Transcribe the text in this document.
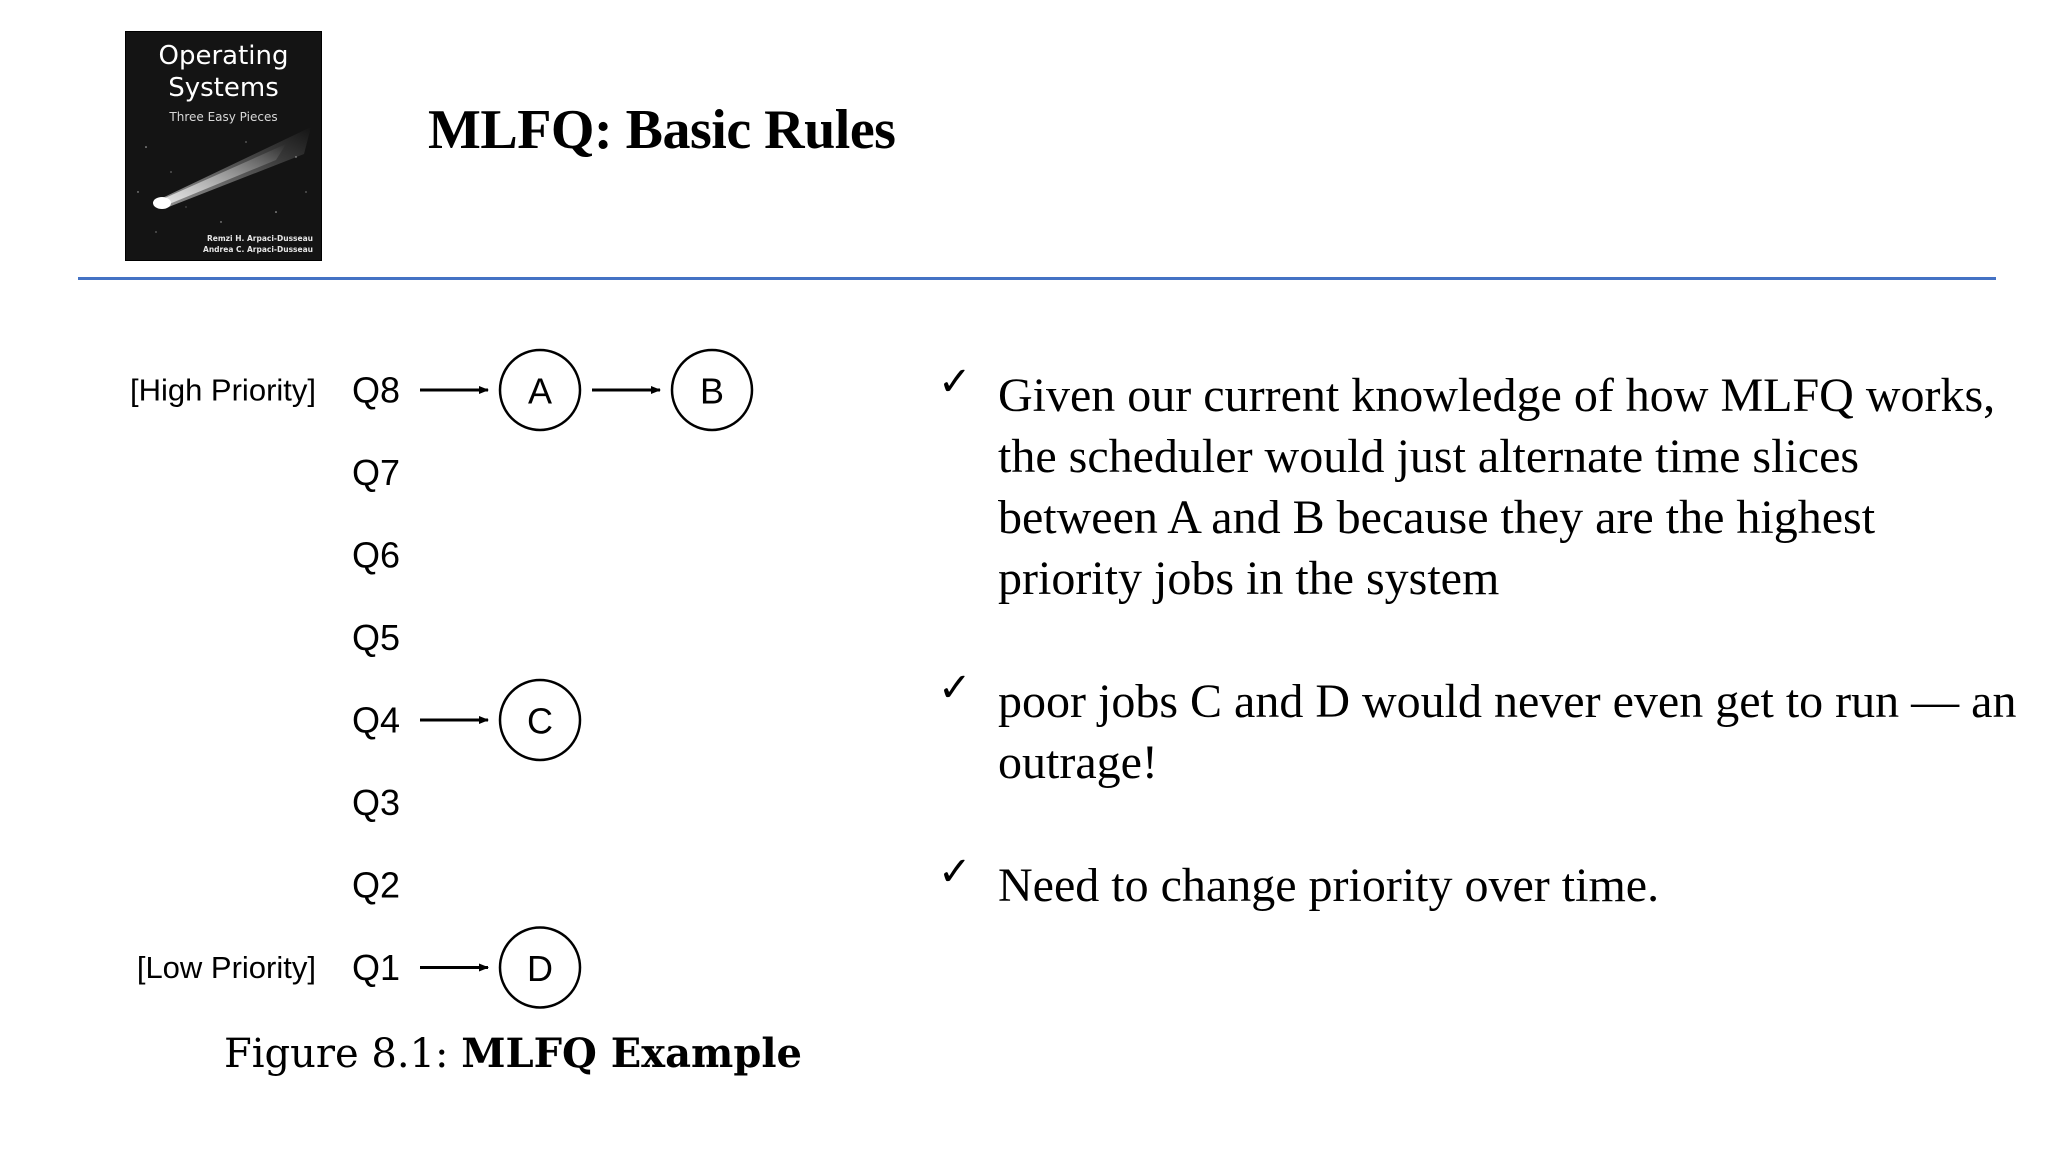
Operating
Systems
Three Easy Pieces
Remzi H. Arpaci-Dusseau
Andrea C. Arpaci-Dusseau
MLFQ: Basic Rules
[High Priority]
[Low Priority]
Q8	A	B
Q7
Q6
Q5
Q4	C
Q3
Q2
Q1	D
Figure 8.1: MLFQ Example
✓ Given our current knowledge of how MLFQ works, the scheduler would just alternate time slices between A and B because they are the highest priority jobs in the system
✓ poor jobs C and D would never even get to run — an outrage!
✓ Need to change priority over time.
